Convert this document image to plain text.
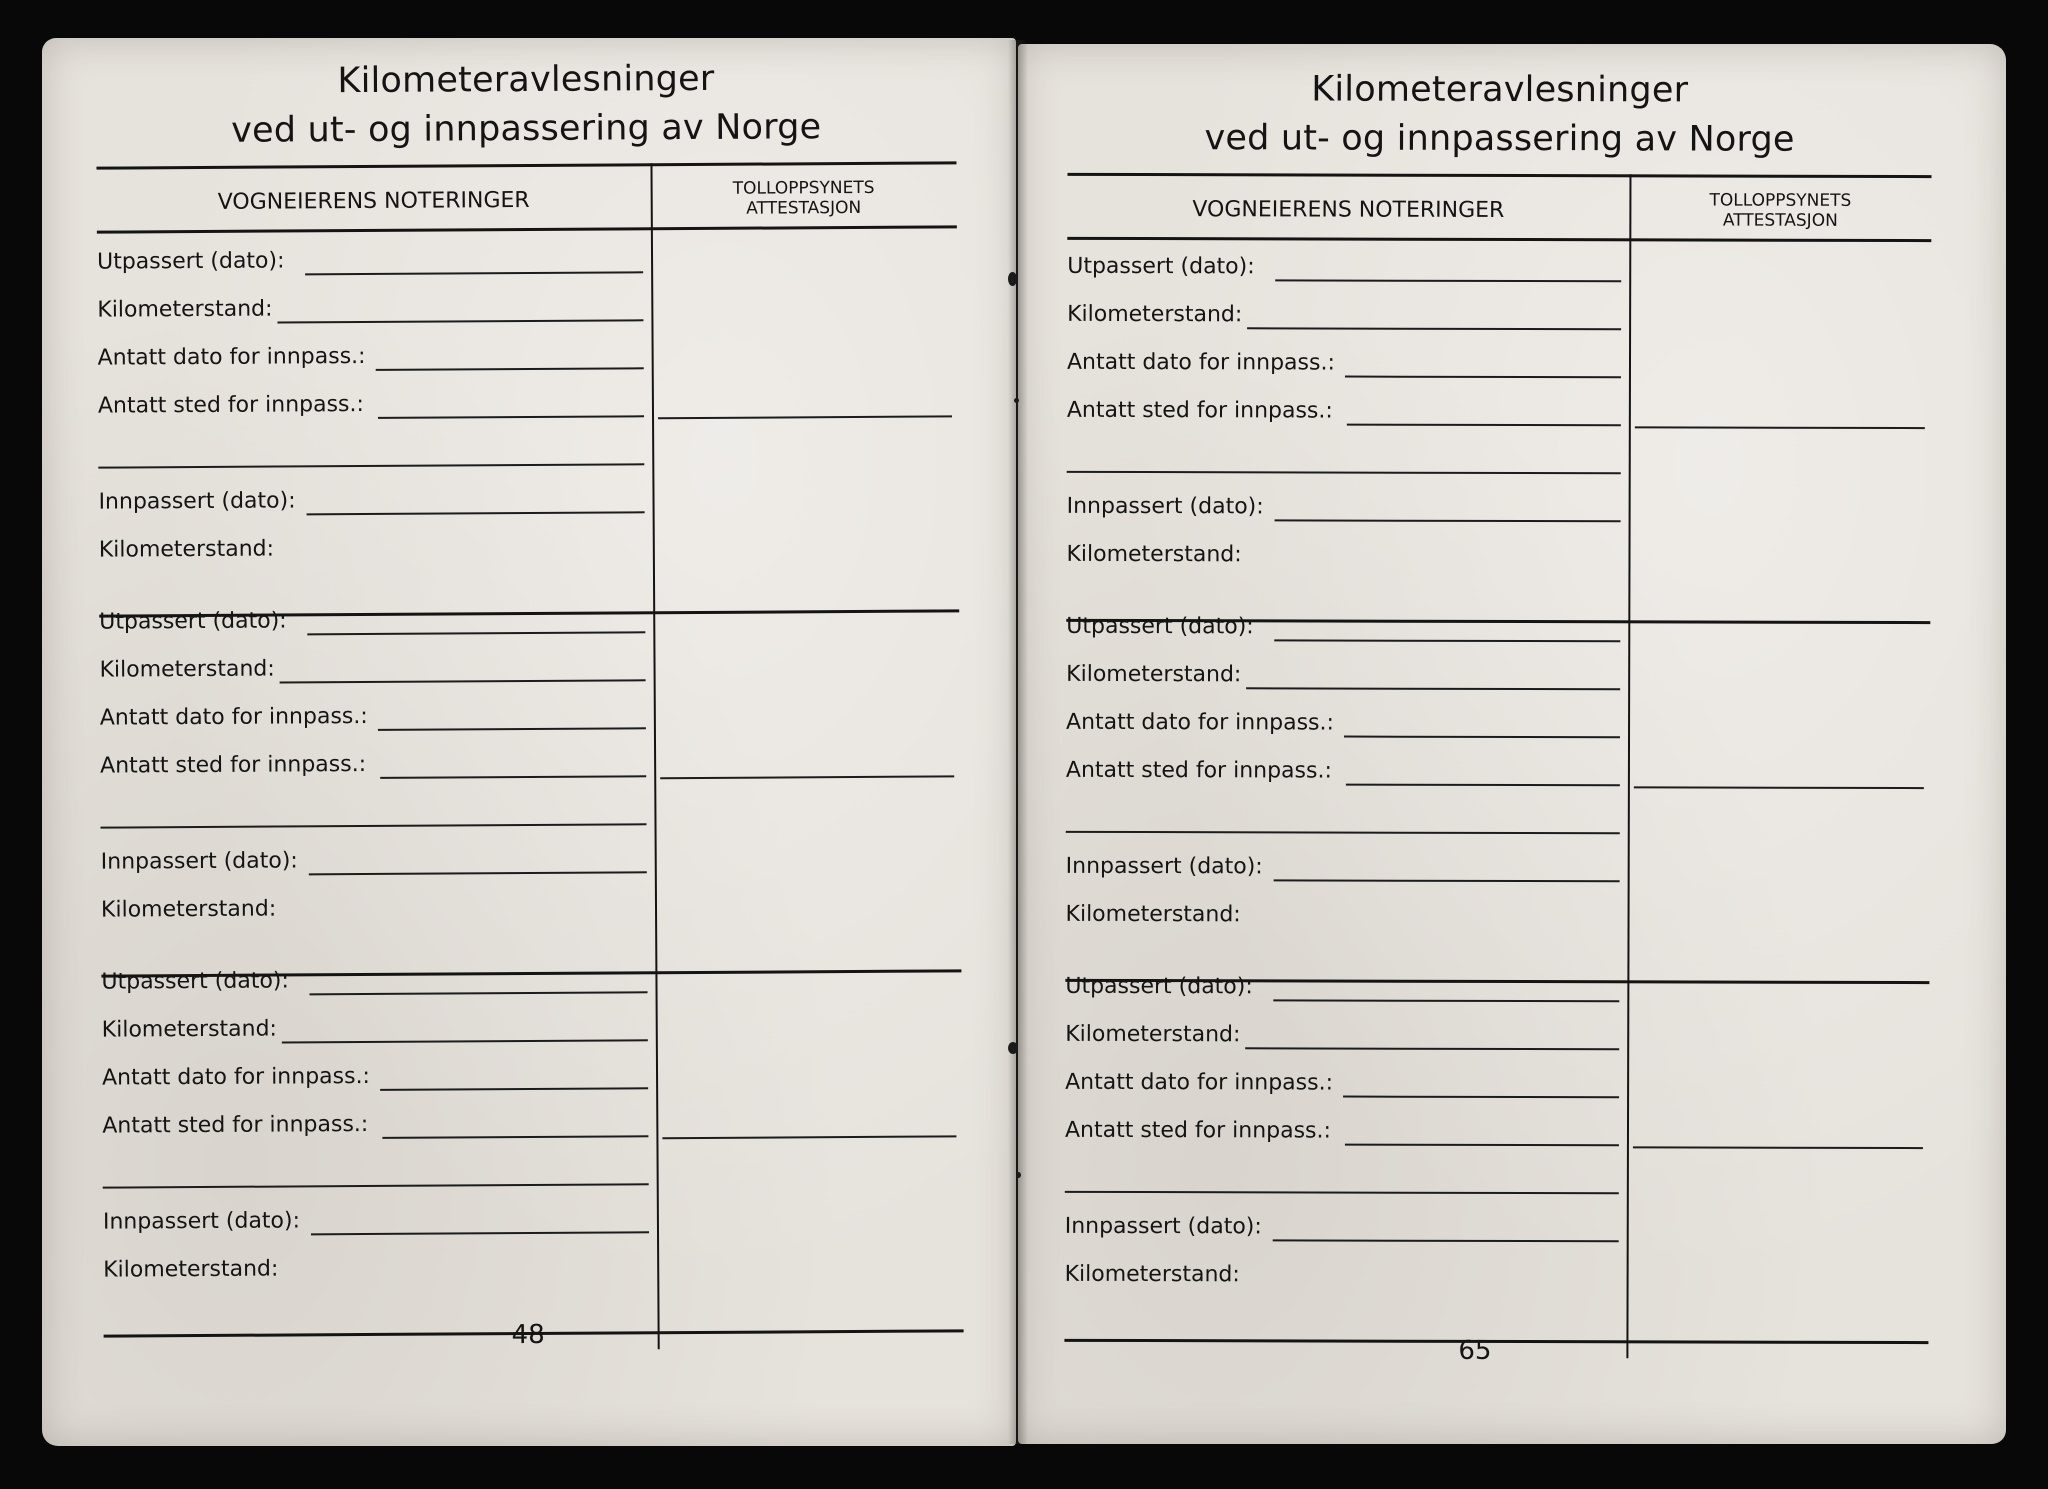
Kilometeravlesninger
ved ut- og innpassering av Norge
VOGNEIERENS NOTERINGER	TOLLOPPSYNETS
ATTESTASJON
Utpassert (dato):
Kilometerstand:
Antatt dato for innpass.:
Antatt sted for innpass.:
Innpassert (dato):
Kilometerstand:
Utpassert (dato):
Kilometerstand:
Antatt dato for innpass.:
Antatt sted for innpass.:
Innpassert (dato):
Kilometerstand:
Utpassert (dato):
Kilometerstand:
Antatt dato for innpass.:
Antatt sted for innpass.:
Innpassert (dato):
Kilometerstand:
48
Kilometeravlesninger
ved ut- og innpassering av Norge
VOGNEIERENS NOTERINGER	TOLLOPPSYNETS
ATTESTASJON
Utpassert (dato):
Kilometerstand:
Antatt dato for innpass.:
Antatt sted for innpass.:
Innpassert (dato):
Kilometerstand:
Utpassert (dato):
Kilometerstand:
Antatt dato for innpass.:
Antatt sted for innpass.:
Innpassert (dato):
Kilometerstand:
Utpassert (dato):
Kilometerstand:
Antatt dato for innpass.:
Antatt sted for innpass.:
Innpassert (dato):
Kilometerstand:
65
